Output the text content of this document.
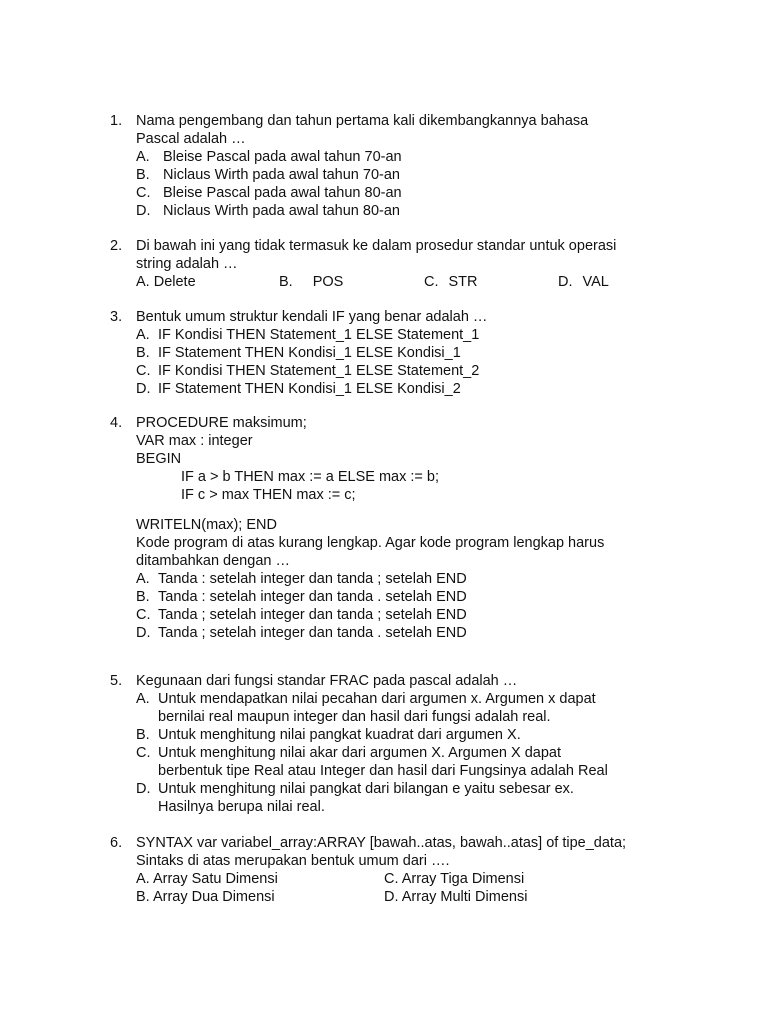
1. Nama pengembang dan tahun pertama kali dikembangkannya bahasa
Pascal adalah …
A. Bleise Pascal pada awal tahun 70-an
B. Niclaus Wirth pada awal tahun 70-an
C. Bleise Pascal pada awal tahun 80-an
D. Niclaus Wirth pada awal tahun 80-an
2. Di bawah ini yang tidak termasuk ke dalam prosedur standar untuk operasi
string adalah …
A. Delete	B. POS	C. STR	D. VAL
3. Bentuk umum struktur kendali IF yang benar adalah …
A. IF Kondisi THEN Statement_1 ELSE Statement_1
B. IF Statement THEN Kondisi_1 ELSE Kondisi_1
C. IF Kondisi THEN Statement_1 ELSE Statement_2
D. IF Statement THEN Kondisi_1 ELSE Kondisi_2
4. PROCEDURE maksimum;
VAR max : integer
BEGIN
IF a > b THEN max := a ELSE max := b;
IF c > max THEN max := c;
WRITELN(max); END
Kode program di atas kurang lengkap. Agar kode program lengkap harus
ditambahkan dengan …
A. Tanda : setelah integer dan tanda ; setelah END
B. Tanda : setelah integer dan tanda . setelah END
C. Tanda ; setelah integer dan tanda ; setelah END
D. Tanda ; setelah integer dan tanda . setelah END
5. Kegunaan dari fungsi standar FRAC pada pascal adalah …
A. Untuk mendapatkan nilai pecahan dari argumen x. Argumen x dapat
bernilai real maupun integer dan hasil dari fungsi adalah real.
B. Untuk menghitung nilai pangkat kuadrat dari argumen X.
C. Untuk menghitung nilai akar dari argumen X. Argumen X dapat
berbentuk tipe Real atau Integer dan hasil dari Fungsinya adalah Real
D. Untuk menghitung nilai pangkat dari bilangan e yaitu sebesar ex.
Hasilnya berupa nilai real.
6. SYNTAX var variabel_array:ARRAY [bawah..atas, bawah..atas] of tipe_data;
Sintaks di atas merupakan bentuk umum dari ….
A. Array Satu Dimensi	C. Array Tiga Dimensi
B. Array Dua Dimensi	D. Array Multi Dimensi
